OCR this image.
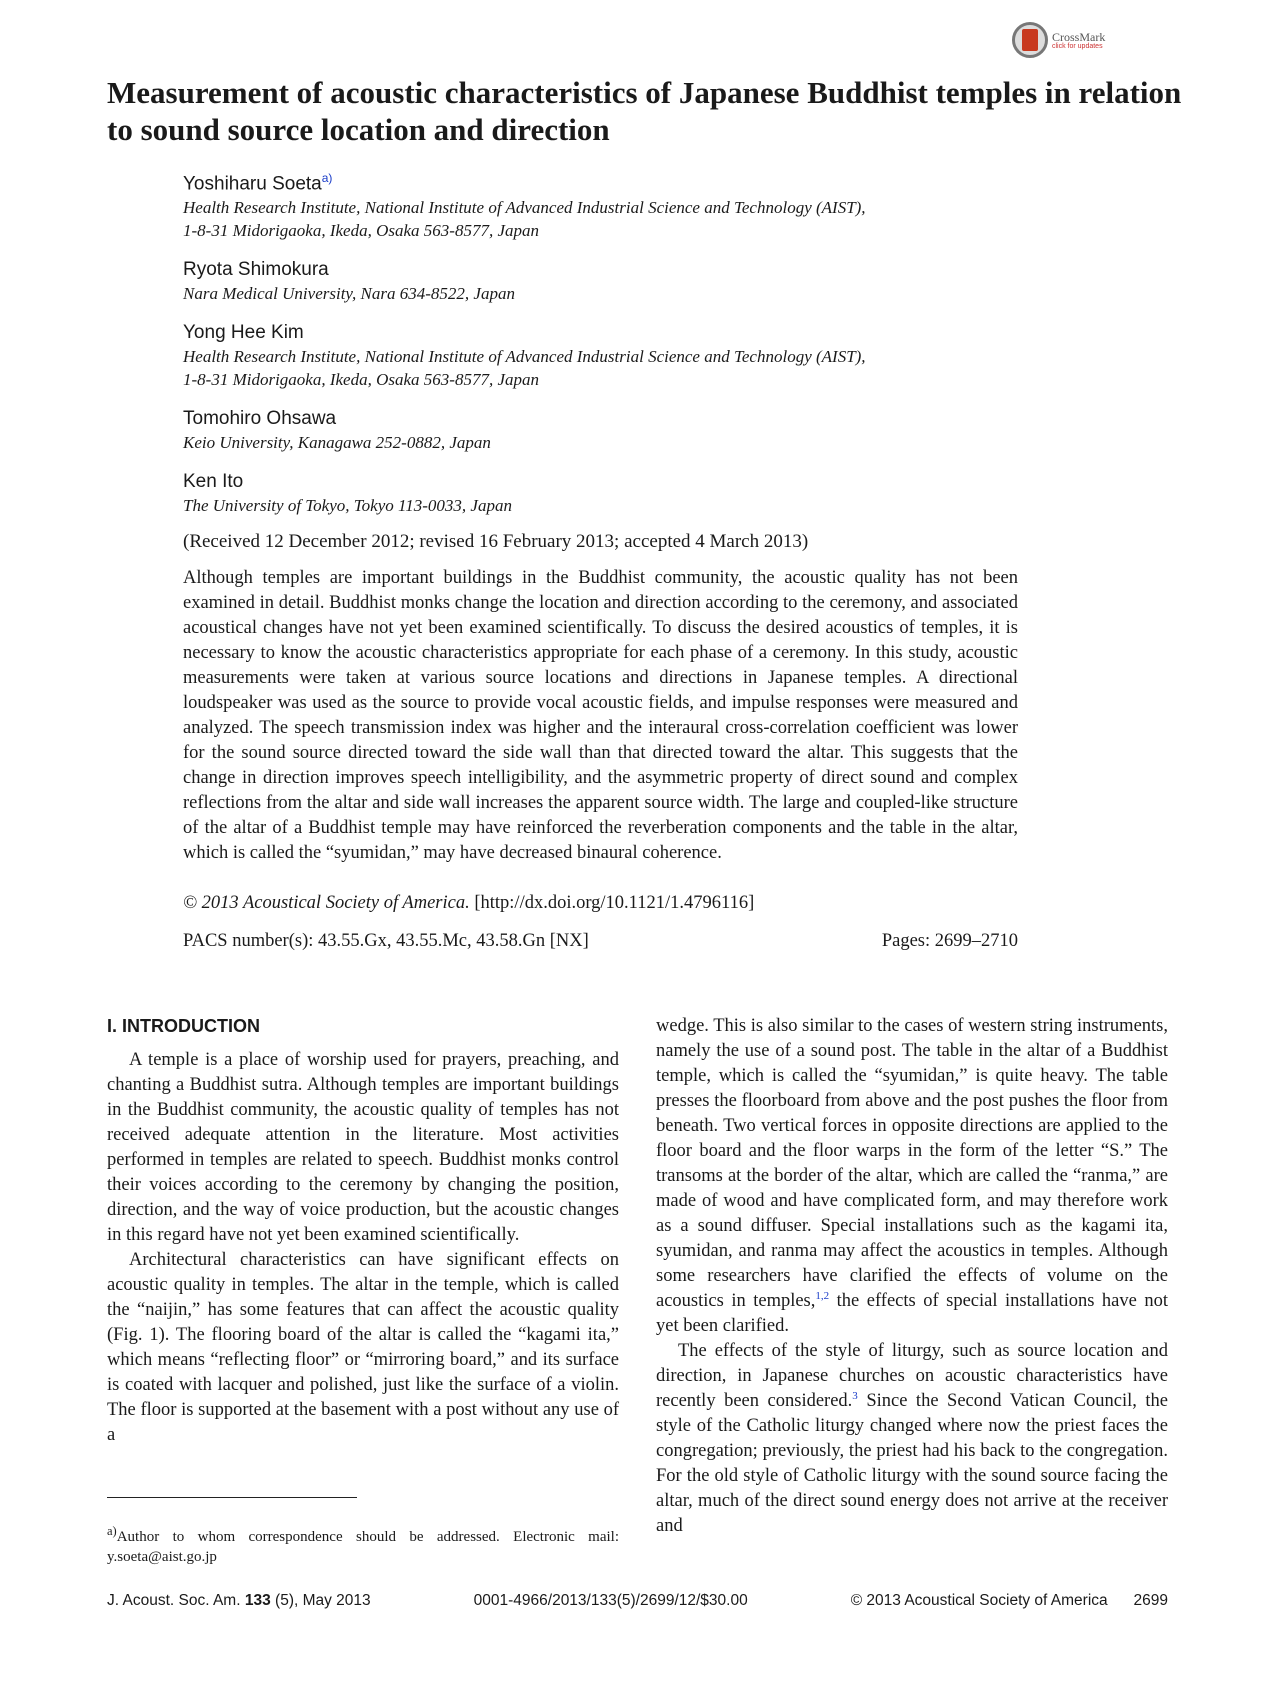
CrossMark
click for updates
Measurement of acoustic characteristics of Japanese Buddhist temples in relation to sound source location and direction
Yoshiharu Soeta$^{a)}$
Health Research Institute, National Institute of Advanced Industrial Science and Technology (AIST),
1-8-31 Midorigaoka, Ikeda, Osaka 563-8577, Japan
Ryota Shimokura
Nara Medical University, Nara 634-8522, Japan
Yong Hee Kim
Health Research Institute, National Institute of Advanced Industrial Science and Technology (AIST),
1-8-31 Midorigaoka, Ikeda, Osaka 563-8577, Japan
Tomohiro Ohsawa
Keio University, Kanagawa 252-0882, Japan
Ken Ito
The University of Tokyo, Tokyo 113-0033, Japan
(Received 12 December 2012; revised 16 February 2013; accepted 4 March 2013)
Although temples are important buildings in the Buddhist community, the acoustic quality has not been examined in detail. Buddhist monks change the location and direction according to the ceremony, and associated acoustical changes have not yet been examined scientifically. To discuss the desired acoustics of temples, it is necessary to know the acoustic characteristics appropriate for each phase of a ceremony. In this study, acoustic measurements were taken at various source locations and directions in Japanese temples. A directional loudspeaker was used as the source to provide vocal acoustic fields, and impulse responses were measured and analyzed. The speech transmission index was higher and the interaural cross-correlation coefficient was lower for the sound source directed toward the side wall than that directed toward the altar. This suggests that the change in direction improves speech intelligibility, and the asymmetric property of direct sound and complex reflections from the altar and side wall increases the apparent source width. The large and coupled-like structure of the altar of a Buddhist temple may have reinforced the reverberation components and the table in the altar, which is called the “syumidan,” may have decreased binaural coherence.
© 2013 Acoustical Society of America. [http://dx.doi.org/10.1121/1.4796116]
PACS number(s): 43.55.Gx, 43.55.Mc, 43.58.Gn [NX]	Pages: 2699–2710
I. INTRODUCTION

A temple is a place of worship used for prayers, preaching, and chanting a Buddhist sutra. Although temples are important buildings in the Buddhist community, the acoustic quality of temples has not received adequate attention in the literature. Most activities performed in temples are related to speech. Buddhist monks control their voices according to the ceremony by changing the position, direction, and the way of voice production, but the acoustic changes in this regard have not yet been examined scientifically.

Architectural characteristics can have significant effects on acoustic quality in temples. The altar in the temple, which is called the “naijin,” has some features that can affect the acoustic quality (Fig. 1). The flooring board of the altar is called the “kagami ita,” which means “reflecting floor” or “mirroring board,” and its surface is coated with lacquer and polished, just like the surface of a violin. The floor is supported at the basement with a post without any use of a

wedge. This is also similar to the cases of western string instruments, namely the use of a sound post. The table in the altar of a Buddhist temple, which is called the “syumidan,” is quite heavy. The table presses the floorboard from above and the post pushes the floor from beneath. Two vertical forces in opposite directions are applied to the floor board and the floor warps in the form of the letter “S.” The transoms at the border of the altar, which are called the “ranma,” are made of wood and have complicated form, and may therefore work as a sound diffuser. Special installations such as the kagami ita, syumidan, and ranma may affect the acoustics in temples. Although some researchers have clarified the effects of volume on the acoustics in temples,$^{1,2}$ the effects of special installations have not yet been clarified.

The effects of the style of liturgy, such as source location and direction, in Japanese churches on acoustic characteristics have recently been considered.$^3$ Since the Second Vatican Council, the style of the Catholic liturgy changed where now the priest faces the congregation; previously, the priest had his back to the congregation. For the old style of Catholic liturgy with the sound source facing the altar, much of the direct sound energy does not arrive at the receiver and

$^{a)}$Author to whom correspondence should be addressed. Electronic mail: y.soeta@aist.go.jp
J. Acoust. Soc. Am. 133 (5), May 2013	0001-4966/2013/133(5)/2699/12/$30.00	© 2013 Acoustical Society of America 2699
